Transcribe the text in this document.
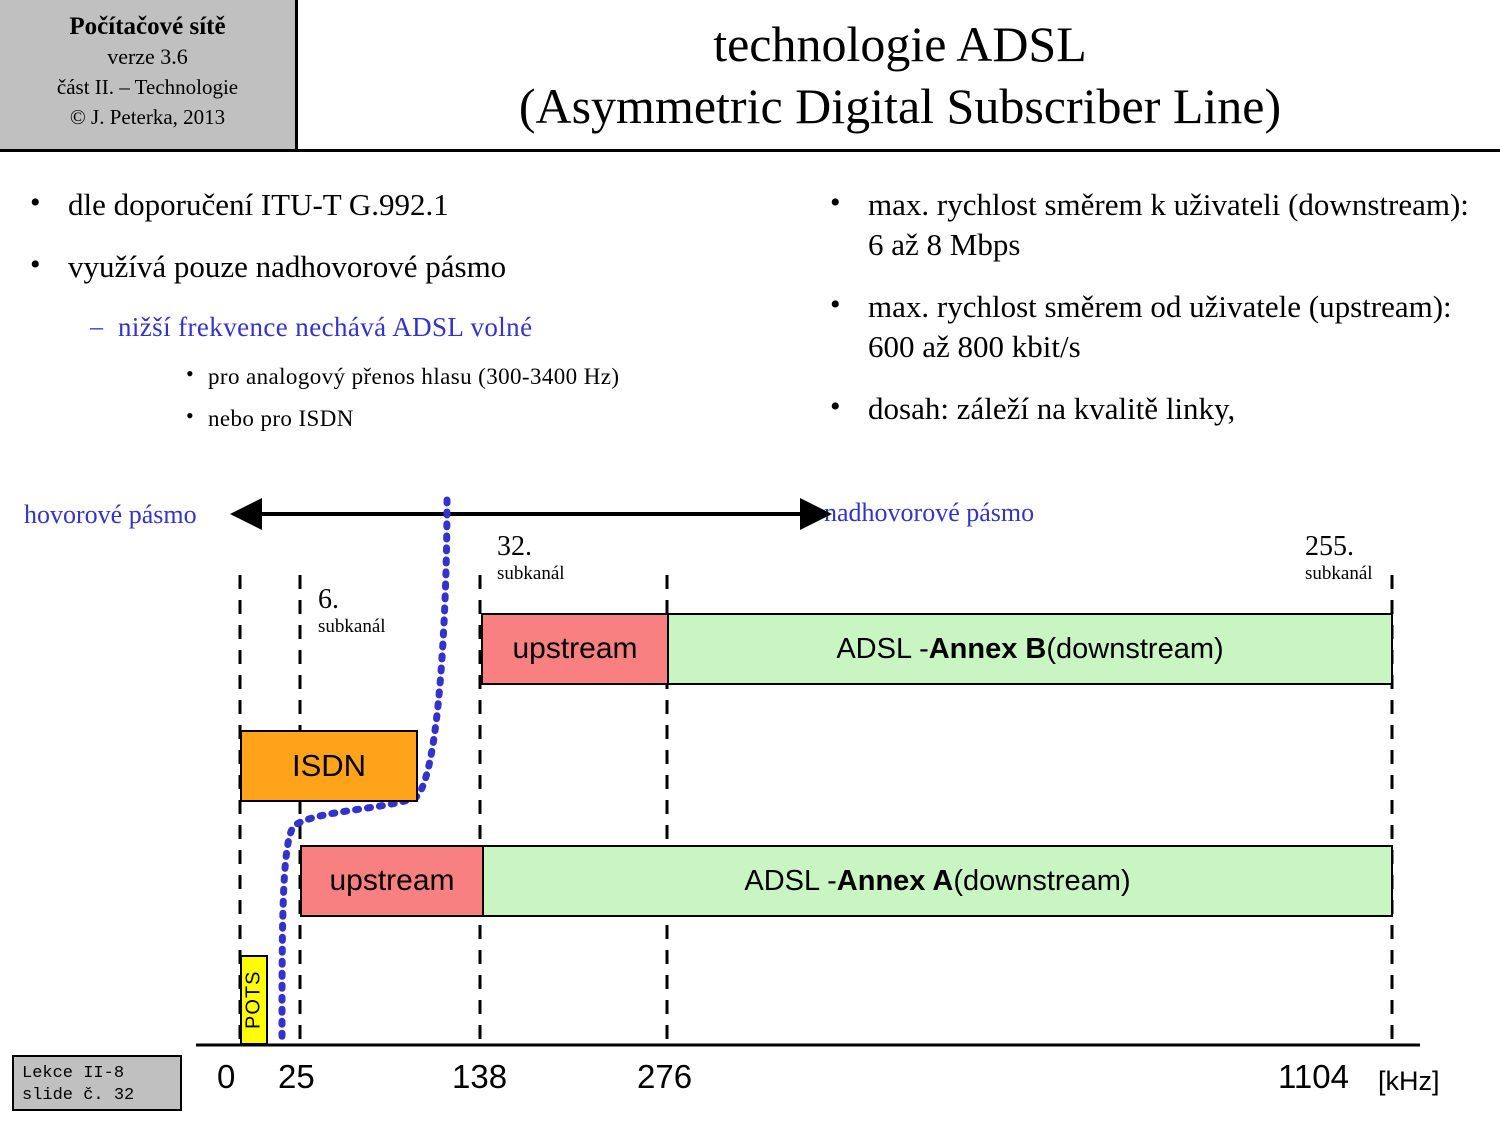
Počítačové sítě
verze 3.6
část II. – Technologie
© J. Peterka, 2013
technologie ADSL
(Asymmetric Digital Subscriber Line)
• dle doporučení ITU-T G.992.1
• využívá pouze nadhovorové pásmo
– nižší frekvence nechává ADSL volné
• pro analogový přenos hlasu (300-3400 Hz)
• nebo pro ISDN
• max. rychlost směrem k uživateli (downstream): 6 až 8 Mbps
• max. rychlost směrem od uživatele (upstream): 600 až 800 kbit/s
• dosah: záleží na kvalitě linky,
hovorové pásmo	nadhovorové pásmo
6.
subkanál
32.
subkanál
255.
subkanál
upstream	ADSL - Annex B (downstream)
ISDN
upstream	ADSL - Annex A (downstream)
POTS
0 25	138	276	1104 [kHz]
Lekce II-8
slide č. 32
